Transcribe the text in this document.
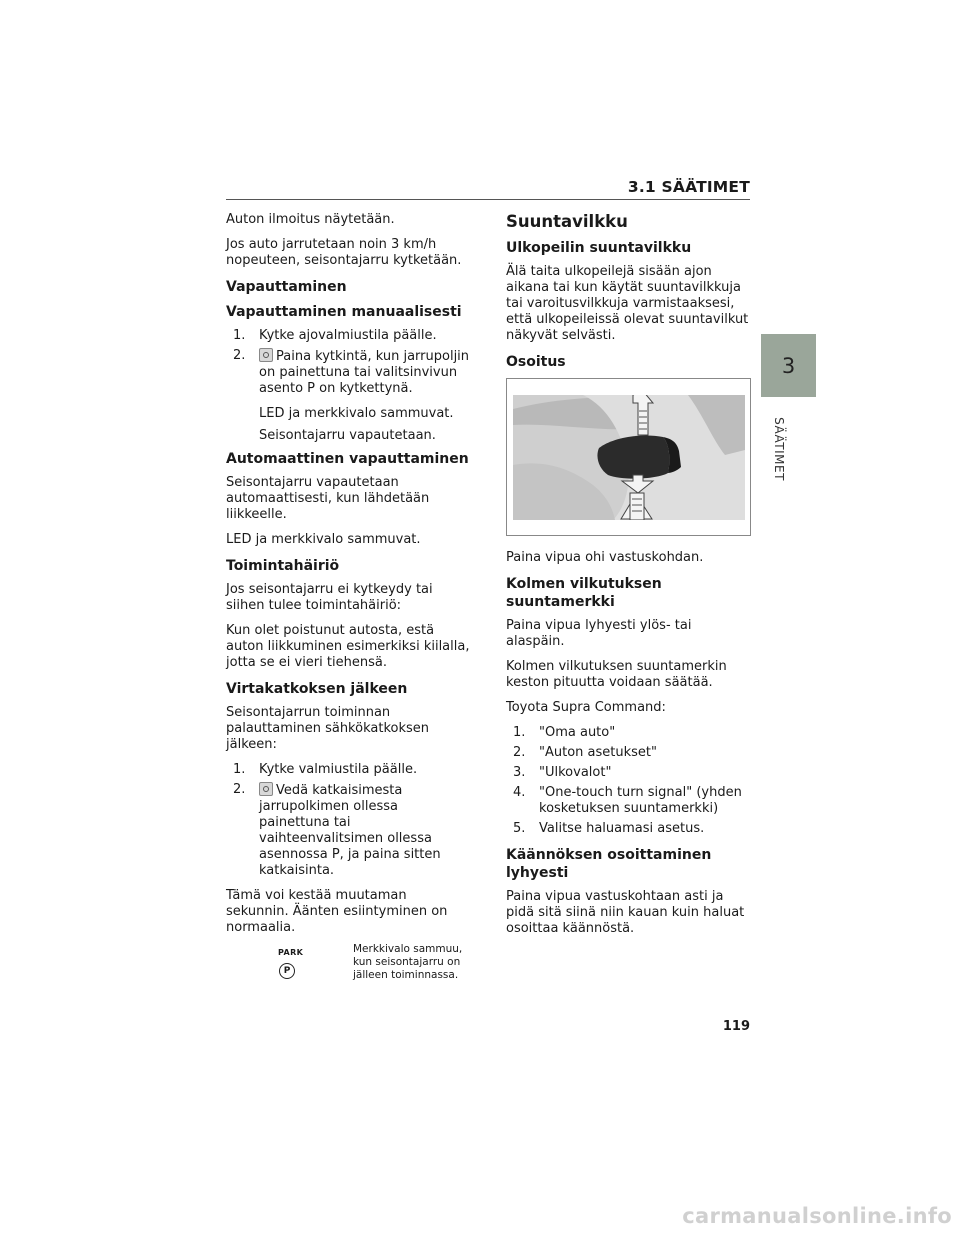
3.1 SÄÄTIMET
3
SÄÄTIMET

Auton ilmoitus näytetään.

Jos auto jarrutetaan noin 3 km/h nopeuteen, seisontajarru kytketään.

Vapauttaminen
Vapauttaminen manuaalisesti
1. Kytke ajovalmiustila päälle.
2. Paina kytkintä, kun jarrupoljin on painettuna tai valitsinvivun asento P on kytkettynä.
LED ja merkkivalo sammuvat.
Seisontajarru vapautetaan.
Automaattinen vapauttaminen

Seisontajarru vapautetaan automaattisesti, kun lähdetään liikkeelle.

LED ja merkkivalo sammuvat.

Toimintahäiriö

Jos seisontajarru ei kytkeydy tai siihen tulee toimintahäiriö:

Kun olet poistunut autosta, estä auton liikkuminen esimerkiksi kiilalla, jotta se ei vieri tiehensä.

Virtakatkoksen jälkeen

Seisontajarrun toiminnan palauttaminen sähkökatkoksen jälkeen:

1. Kytke valmiustila päälle.
2. Vedä katkaisimesta jarrupolkimen ollessa painettuna tai vaihteenvalitsimen ollessa asennossa P, ja paina sitten katkaisinta.

Tämä voi kestää muutaman sekunnin. Äänten esiintyminen on normaalia.

PARK
P
Merkkivalo sammuu, kun seisontajarru on jälleen toiminnassa.
Suuntavilkku
Ulkopeilin suuntavilkku

Älä taita ulkopeilejä sisään ajon aikana tai kun käytät suuntavilkkuja tai varoitusvilkkuja varmistaaksesi, että ulkopeileissä olevat suuntavilkut näkyvät selvästi.

Osoitus

Paina vipua ohi vastuskohdan.

Kolmen vilkutuksen suuntamerkki

Paina vipua lyhyesti ylös- tai alaspäin.

Kolmen vilkutuksen suuntamerkin keston pituutta voidaan säätää.

Toyota Supra Command:

1. "Oma auto"
2. "Auton asetukset"
3. "Ulkovalot"
4. "One-touch turn signal" (yhden kosketuksen suuntamerkki)
5. Valitse haluamasi asetus.
Käännöksen osoittaminen lyhyesti

Paina vipua vastuskohtaan asti ja pidä sitä siinä niin kauan kuin haluat osoittaa käännöstä.

119
carmanualsonline.info
